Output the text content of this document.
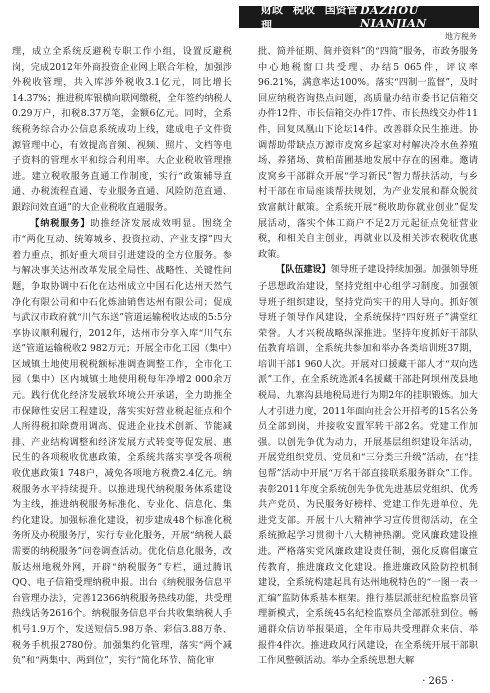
财政 税收 国资管理
DAZHOU NIANJIAN
地方税务

理，成立全系统反避税专职工作小组，设置反避税岗，完成2012年外商投资企业网上联合年检，加强涉外税收管理，共入库涉外税收3.1亿元，同比增长14.37%；推进税库银横向联网缴税，全年签约纳税人0.29万户，扣税8.37万笔，金额6亿元。同时，全系统税务综合办公信息系统成功上线，建成电子文件资源管理中心，有效提高音频、视频、照片、文档等电子资料的管理水平和综合利用率。大企业税收管理推进。建立税收服务直通工作制度，实行“政策辅导直通、办税流程直通、专业服务直通、风险防范直通、跟踪问效直通”的大企业税收直通服务。

【纳税服务】助推经济发展成效明显。围绕全市“两化互动、统筹城乡、投资拉动、产业支撑”四大着力重点，抓好重大项目引进建设的全方位服务。参与解决事关达州改革发展全局性、战略性、关键性问题，争取协调中石化在达州成立中国石化达州天然气净化有限公司和中石化炼油销售达州有限公司；促成与武汉市政府就“川气东送”管道运输税收达成的5:5分享协议顺利履行，2012年，达州市分享入库“川气东送”管道运输税收2 982万元；开展全市化工园（集中）区域镇土地使用税税额标准调查调整工作，全市化工园（集中）区内城镇土地使用税每年净增2 000余万元。践行优化经济发展软环境公开承诺，全力助推全市保障性安居工程建设，落实实好营业税起征点和个人所得税扣除费用调高、促进企业技术创新、节能减排、产业结构调整和经济发展方式转变等促发展、惠民生的各项税收优惠政策，全系统共落实享受各项税收优惠政策1 748户，减免各项地方税费2.4亿元。纳税服务水平持续提升。以推进现代纳税服务体系建设为主线，推进纳税服务标准化、专业化、信息化、集约化建设。加强标准化建设，初步建成48个标准化税务所及办税服务厅，实行专业化服务，开展“纳税人最需要的纳税服务”问卷调查活动。优化信息化服务，改版达州地税外网，开辟“纳税服务”专栏，通过腾讯QQ、电子信箱受理纳税申报。出台《纳税服务信息平台管理办法》，完善12366纳税服务热线功能，共受理热线话务2616个。纳税服务信息平台共收集纳税人手机号1.9万个，发送短信5.98万条、彩信3.88万条、税务手机报2780份。加强集约化管理，落实“两个减负”和“两集中、两到位”，实行“简化环节、简化审

批、简并征期、简并资料”的“四简”服务，市政务服务中心地税窗口共受理、办结5 065件，评议率96.21%，满意率达100%。落实“四制一监督”，及时回应纳税咨询热点问题，高质量办结市委书记信箱交办件12件、市长信箱交办件17件、市长热线交办件11件，回复凤凰山下论坛14件。改善群众民生推进。协调帮助带缺点万源市皮窝乡起家对村解决冷水鱼养殖场、养猪场、黄柏苗圃基地发展中存在的困难。邀请皮窝乡干部群众开展“学习新民”智力帮扶活动，与乡村干部在市局座谈帮扶规划，为产业发展和群众脱贫致富献计献策。全系统开展“税收助你就业创业”促发展活动，落实个体工商户不足2万元起征点免征营业税，和相关自主创业，再就业以及相关涉农税收优惠政策。

【队伍建设】领导班子建设持续加强。加强领导班子思想政治建设，坚持党组中心组学习制度。加强领导班子组织建设，坚持党尚实干的用人导向。抓好领导班子领导作风建设，全系统保持“四好班子”满堂红荣誉。人才兴税战略纵深推进。坚持年度抓好干部队伍教育培训，全系统共参加和举办各类培训班37期，培训干部1 960人次。开展对口援藏干部人才“双向选派”工作，在全系统选派4名援藏干部赴阿坝州茂县地税局、九寨沟县地税局进行为期2年的挂职锻炼。加大人才引进力度，2011年面向社会公开招考的15名公务员全部到岗，并接收安置军转干部2名。党建工作加强。以创先争优为动力，开展基层组织建设年活动，开展党组织党员、党员和“三分类三升级”活动，在“挂包帮”活动中开展“万名干部直接联系服务群众”工作。表彰2011年度全系统创先争优先进基层党组织、优秀共产党员、为民服务好榜样、党建工作先进单位、先进党支部。开展十八大精神学习宣传贯彻活动，在全系统掀起学习贯彻十八大精神热潮。党风廉政建设推进。严格落实党风廉政建设责任制，强化反腐倡廉宣传教育，推进廉政文化建设。推进廉政风险防控机制建设，全系统构建起具有达州地税特色的“一图一表一汇编”监防体系基本框架。推行基层派驻纪检监察员管理新模式，全系统45名纪检监察员全部派驻到位。畅通群众信访举报渠道，全年市局共受理群众来信、举报件4件次。推进政风行风建设，在全系统开展干部职工作风整顿活动。举办全系统思想大解

· 265 ·
